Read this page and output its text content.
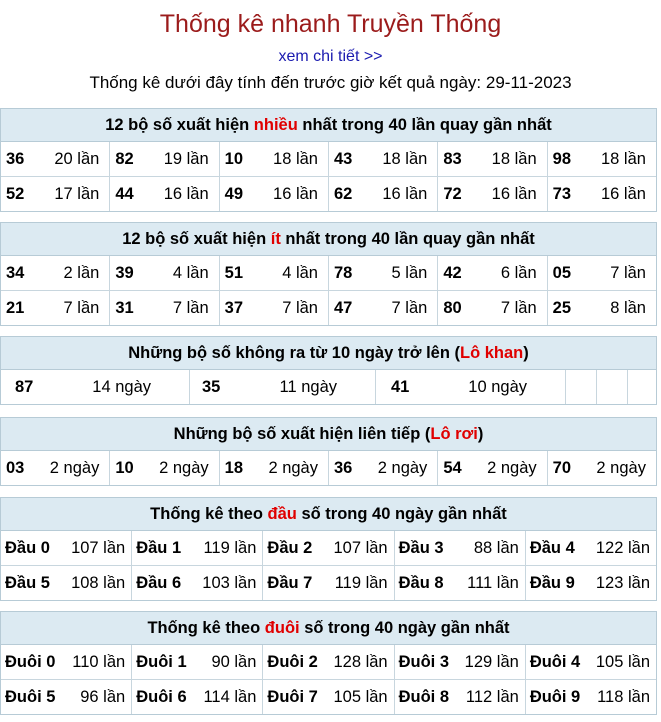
Thống kê nhanh Truyền Thống
xem chi tiết >>
Thống kê dưới đây tính đến trước giờ kết quả ngày: 29-11-2023
12 bộ số xuất hiện nhiều nhất trong 40 lần quay gần nhất
36 20 lần 82 19 lần 10 18 lần 43 18 lần 83 18 lần 98 18 lần
52 17 lần 44 16 lần 49 16 lần 62 16 lần 72 16 lần 73 16 lần
12 bộ số xuất hiện ít nhất trong 40 lần quay gần nhất
34 2 lần 39 4 lần 51 4 lần 78 5 lần 42 6 lần 05 7 lần
21 7 lần 31 7 lần 37 7 lần 47 7 lần 80 7 lần 25 8 lần
Những bộ số không ra từ 10 ngày trở lên (Lô khan)
87	14 ngày	35	11 ngày	41	10 ngày
Những bộ số xuất hiện liên tiếp (Lô rơi)
03 2 ngày 10 2 ngày 18 2 ngày 36 2 ngày 54 2 ngày 70 2 ngày
Thống kê theo đầu số trong 40 ngày gần nhất
Đầu 0 107 lần Đầu 1 119 lần Đầu 2 107 lần Đầu 3 88 lần Đầu 4 122 lần
Đầu 5 108 lần Đầu 6 103 lần Đầu 7 119 lần Đầu 8 111 lần Đầu 9 123 lần
Thống kê theo đuôi số trong 40 ngày gần nhất
Đuôi 0 110 lần Đuôi 1 90 lần Đuôi 2 128 lần Đuôi 3 129 lần Đuôi 4 105 lần
Đuôi 5 96 lần Đuôi 6 114 lần Đuôi 7 105 lần Đuôi 8 112 lần Đuôi 9 118 lần
